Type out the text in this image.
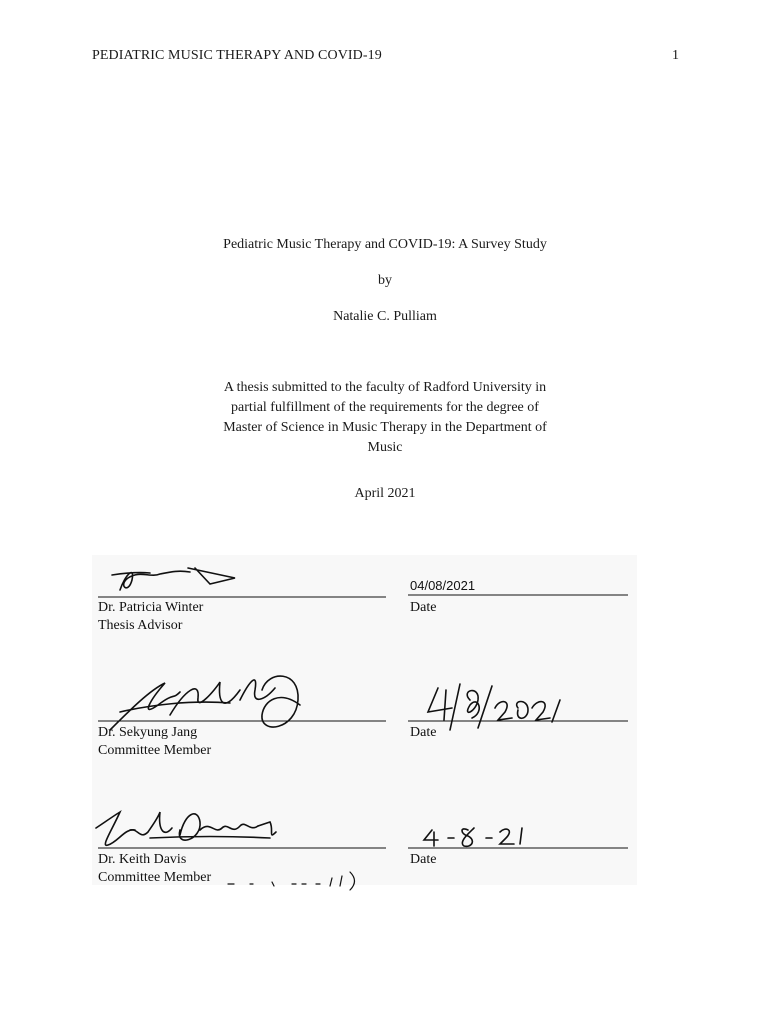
PEDIATRIC MUSIC THERAPY AND COVID-19	1
Pediatric Music Therapy and COVID-19: A Survey Study
by
Natalie C. Pulliam
A thesis submitted to the faculty of Radford University in
partial fulfillment of the requirements for the degree of
Master of Science in Music Therapy in the Department of
Music
April 2021
Dr. Patricia Winter
Thesis Advisor
04/08/2021
Date
Dr. Sekyung Jang
Committee Member
Date
Dr. Keith Davis
Committee Member
Date
